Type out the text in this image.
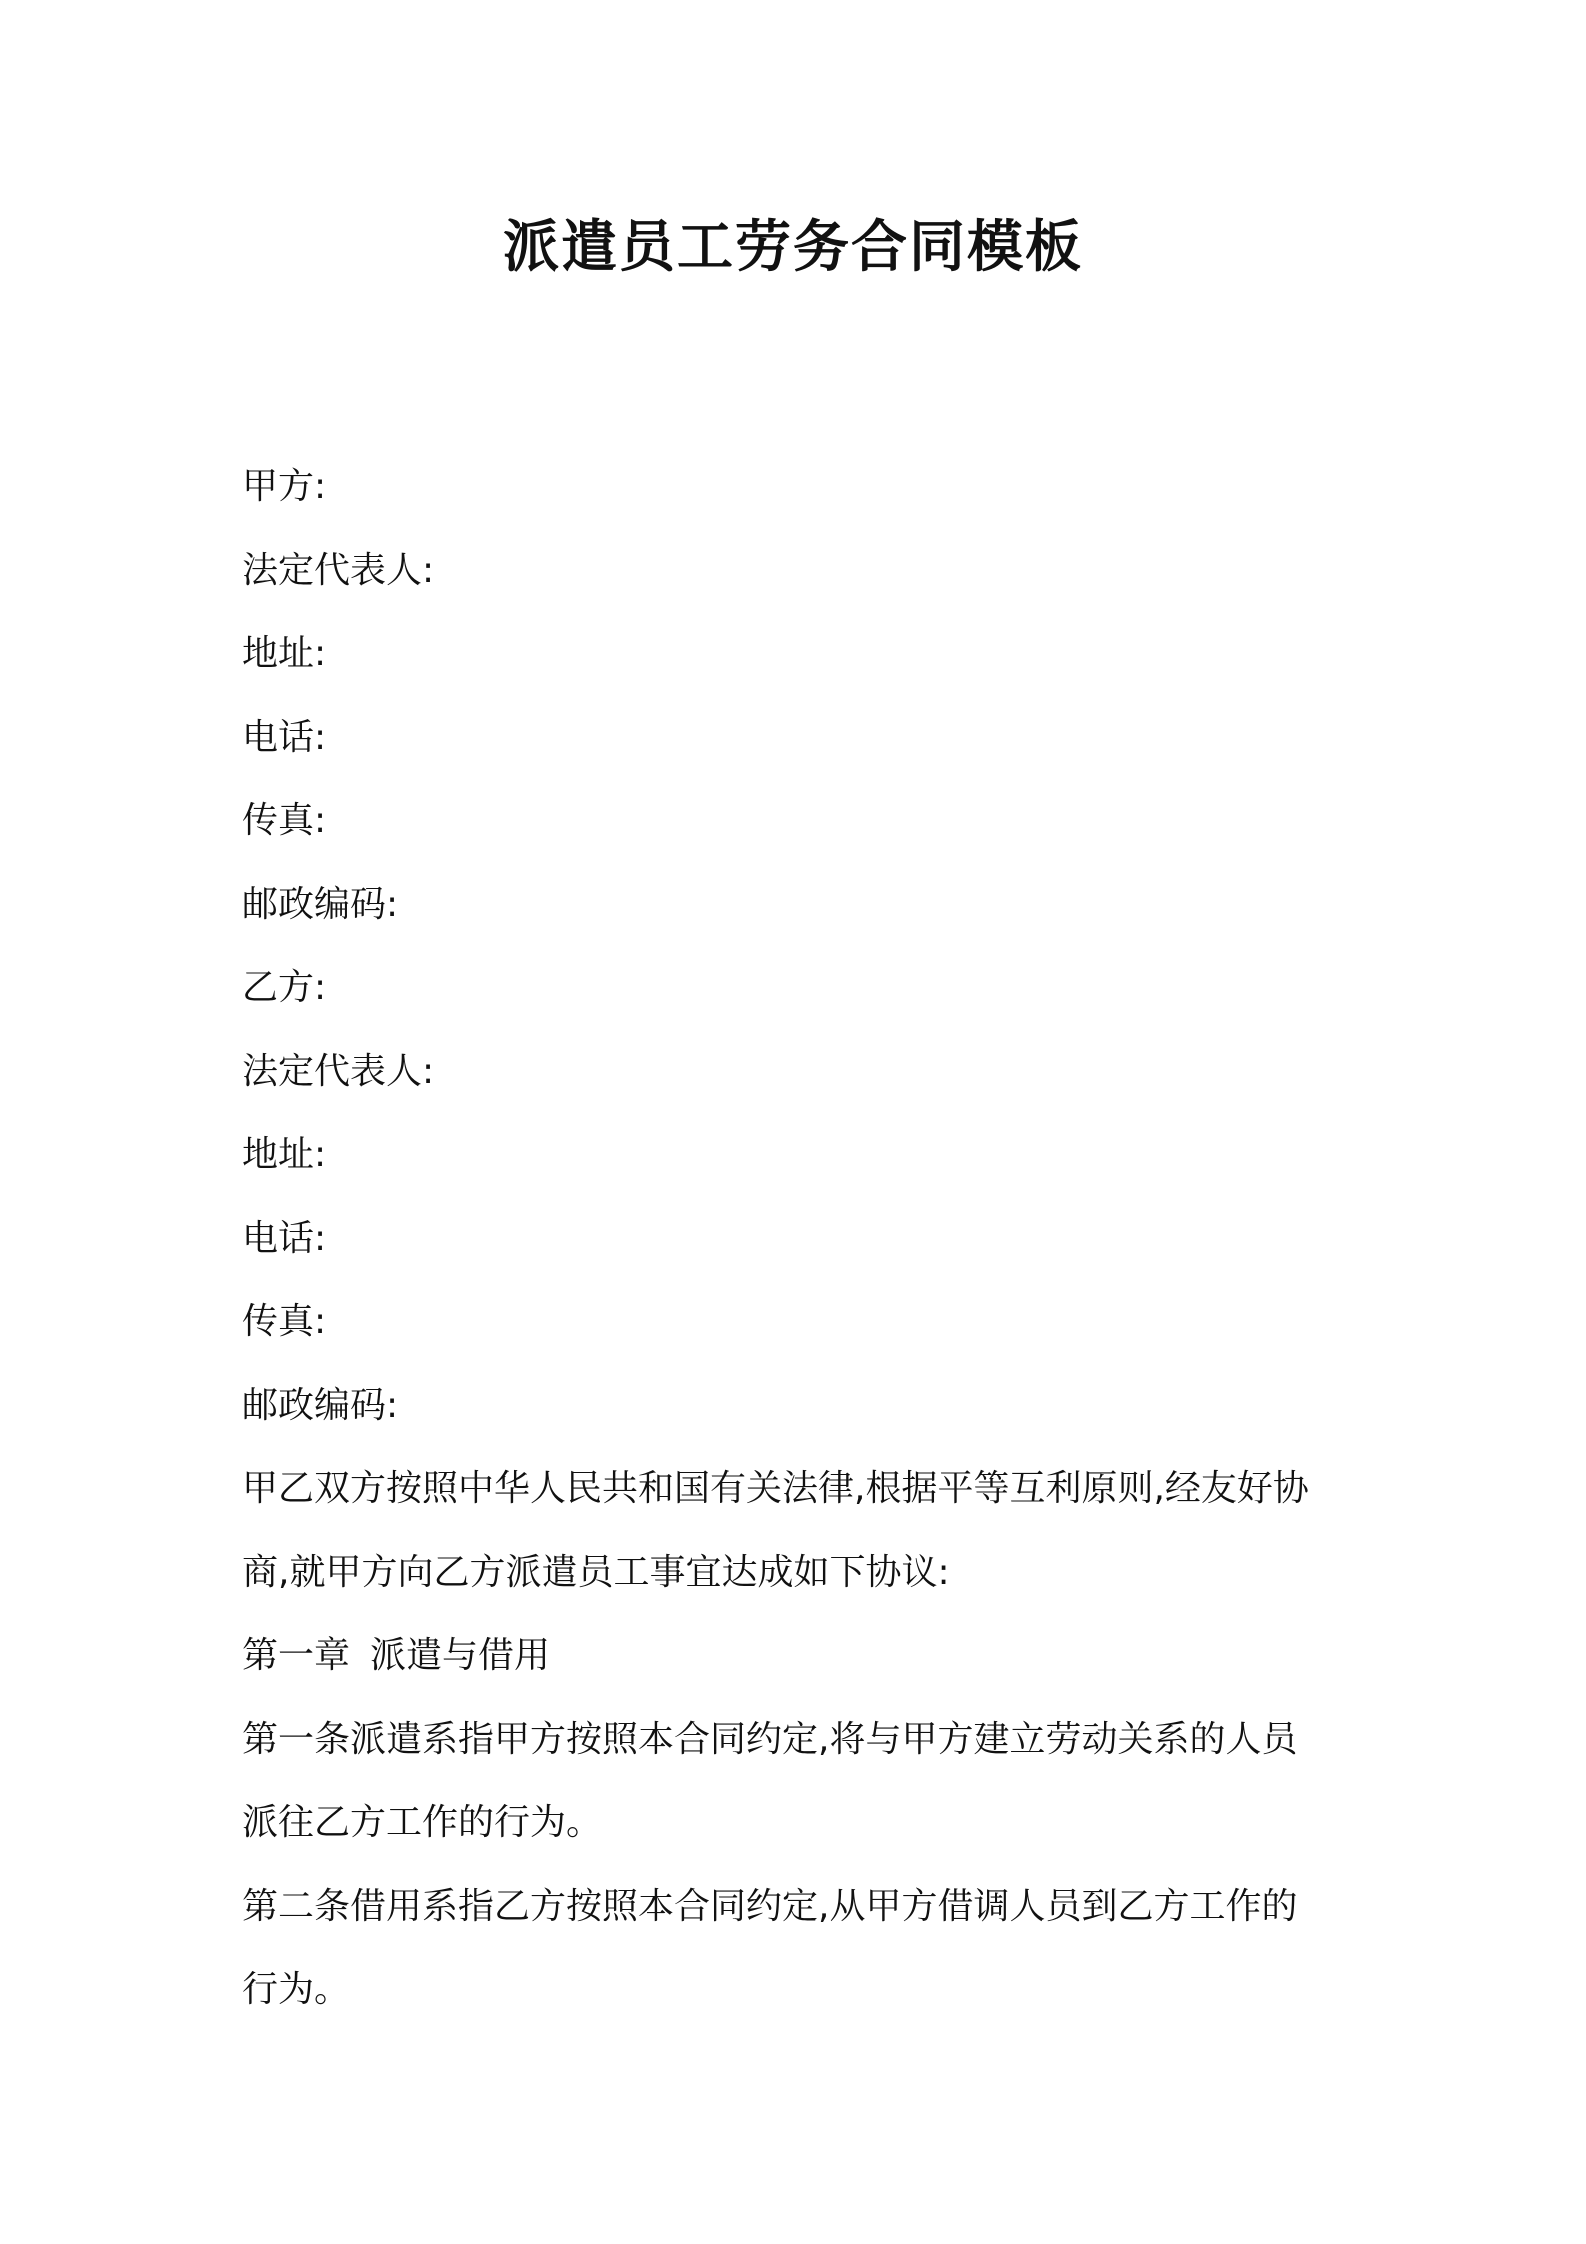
派遣员工劳务合同模板

甲方:

法定代表人:

地址:

电话:

传真:

邮政编码:

乙方:

法定代表人:

地址:

电话:

传真:

邮政编码:

甲乙双方按照中华人民共和国有关法律,根据平等互利原则,经友好协

商,就甲方向乙方派遣员工事宜达成如下协议:

第一章 派遣与借用

第一条派遣系指甲方按照本合同约定,将与甲方建立劳动关系的人员

派往乙方工作的行为。

第二条借用系指乙方按照本合同约定,从甲方借调人员到乙方工作的

行为。
